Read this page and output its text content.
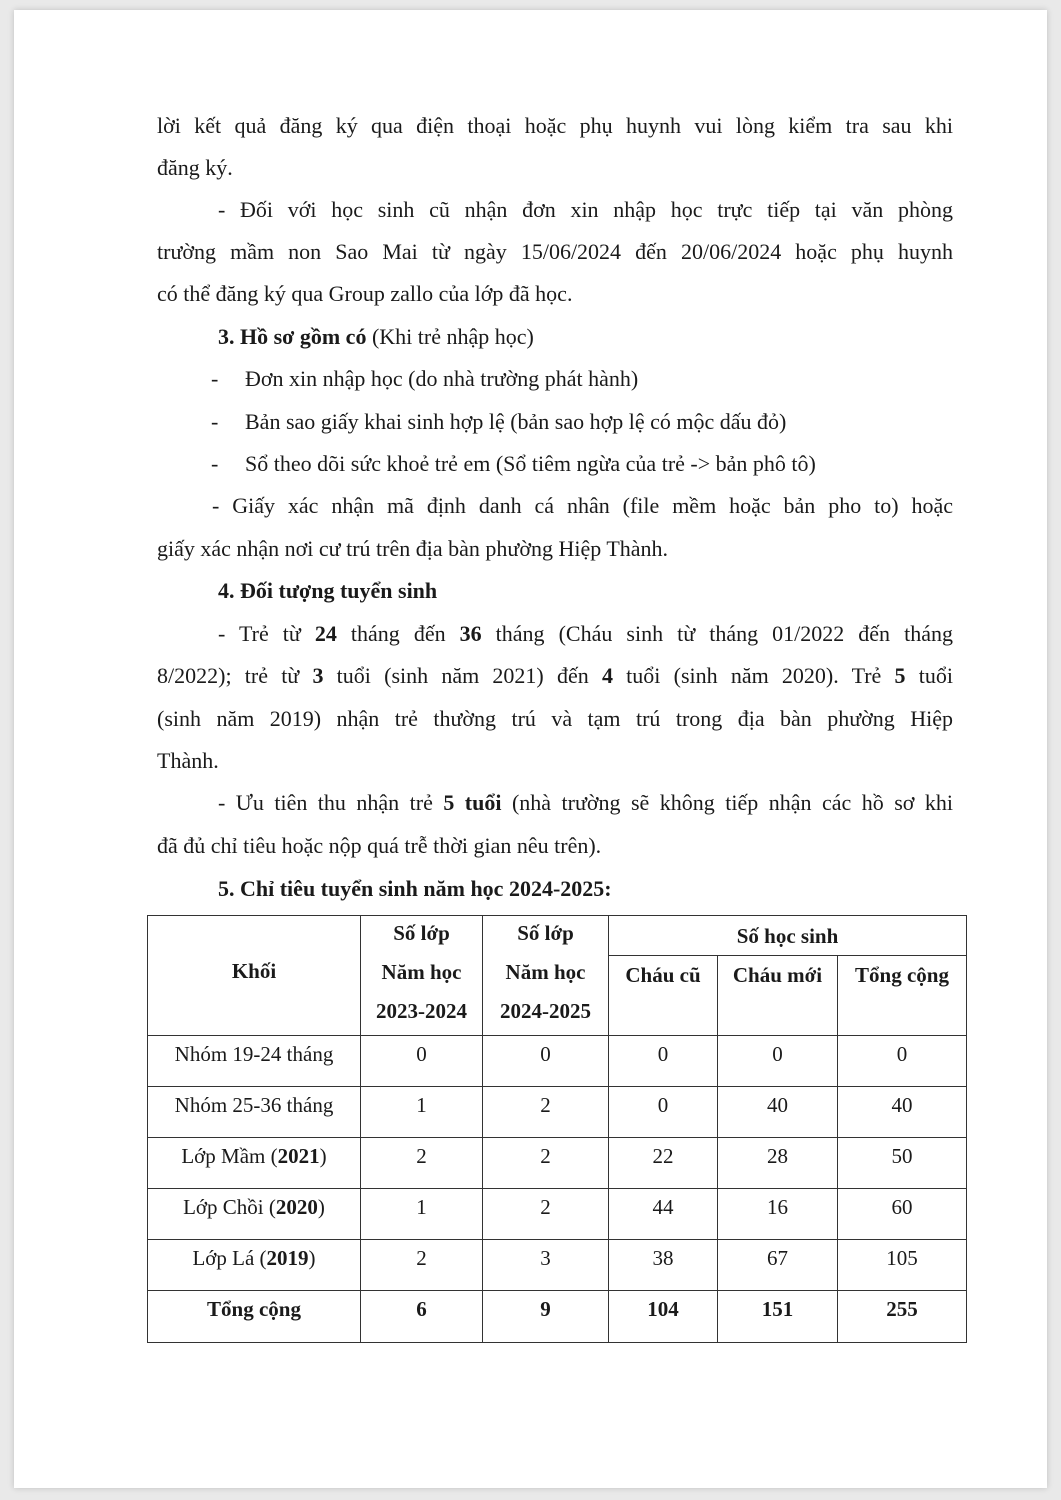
lời kết quả đăng ký qua điện thoại hoặc phụ huynh vui lòng kiểm tra sau khi
đăng ký.
- Đối với học sinh cũ nhận đơn xin nhập học trực tiếp tại văn phòng
trường mầm non Sao Mai từ ngày 15/06/2024 đến 20/06/2024 hoặc phụ huynh
có thể đăng ký qua Group zallo của lớp đã học.
3. Hồ sơ gồm có (Khi trẻ nhập học)
- Đơn xin nhập học (do nhà trường phát hành)
- Bản sao giấy khai sinh hợp lệ (bản sao hợp lệ có mộc dấu đỏ)
- Sổ theo dõi sức khoẻ trẻ em (Sổ tiêm ngừa của trẻ -> bản phô tô)
- Giấy xác nhận mã định danh cá nhân (file mềm hoặc bản pho to) hoặc
giấy xác nhận nơi cư trú trên địa bàn phường Hiệp Thành.
4. Đối tượng tuyển sinh
- Trẻ từ 24 tháng đến 36 tháng (Cháu sinh từ tháng 01/2022 đến tháng
8/2022); trẻ từ 3 tuổi (sinh năm 2021) đến 4 tuổi (sinh năm 2020). Trẻ 5 tuổi
(sinh năm 2019) nhận trẻ thường trú và tạm trú trong địa bàn phường Hiệp
Thành.
- Ưu tiên thu nhận trẻ 5 tuổi (nhà trường sẽ không tiếp nhận các hồ sơ khi
đã đủ chỉ tiêu hoặc nộp quá trễ thời gian nêu trên).
5. Chỉ tiêu tuyển sinh năm học 2024-2025:
Khối	Số lớp
Năm học
2023-2024	Số lớp
Năm học
2024-2025	Số học sinh		
			Cháu cũ	Cháu mới	Tổng cộng
Nhóm 19-24 tháng	0	0	0	0	0
Nhóm 25-36 tháng	1	2	0	40	40
Lớp Mầm (2021)	2	2	22	28	50
Lớp Chồi (2020)	1	2	44	16	60
Lớp Lá (2019)	2	3	38	67	105
Tổng cộng	6	9	104	151	255
